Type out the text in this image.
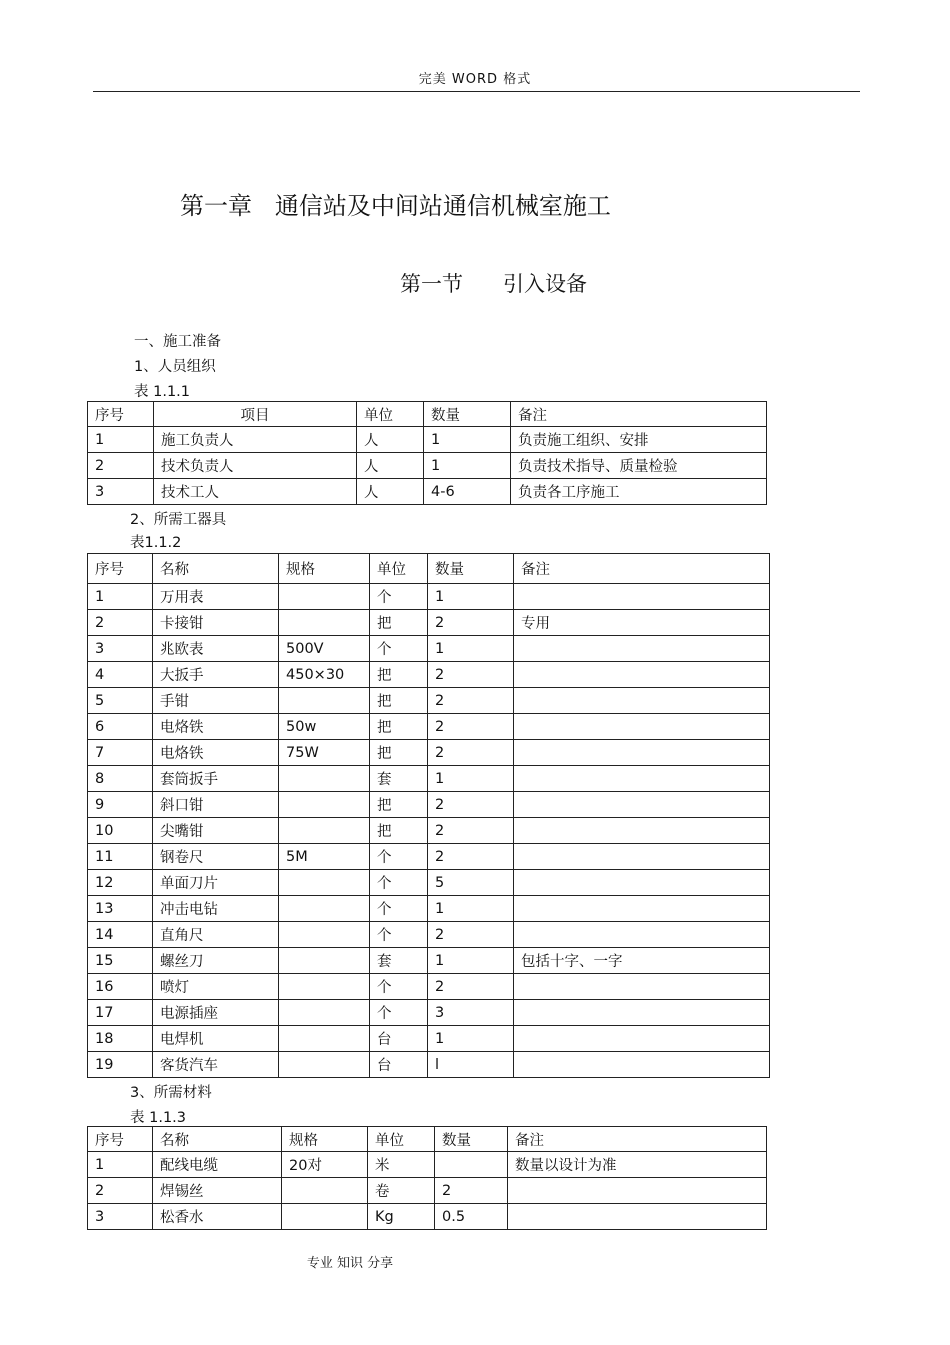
完美 WORD 格式
第一章   通信站及中间站通信机械室施工
第一节      引入设备
一、施工准备
1、人员组织
表 1.1.1
序号	项目	单位	数量	备注
1	施工负责人	人	1	负责施工组织、安排
2	技术负责人	人	1	负责技术指导、质量检验
3	技术工人	人	4-6	负责各工序施工
2、所需工器具
表1.1.2
序号	名称	规格	单位	数量	备注
1	万用表		个	1	
2	卡接钳		把	2	专用
3	兆欧表	500V	个	1	
4	大扳手	450×30	把	2	
5	手钳		把	2	
6	电烙铁	50w	把	2	
7	电烙铁	75W	把	2	
8	套筒扳手		套	1	
9	斜口钳		把	2	
10	尖嘴钳		把	2	
11	钢卷尺	5M	个	2	
12	单面刀片		个	5	
13	冲击电钻		个	1	
14	直角尺		个	2	
15	螺丝刀		套	1	包括十字、一字
16	喷灯		个	2	
17	电源插座		个	3	
18	电焊机		台	1	
19	客货汽车		台	l	
3、所需材料
表 1.1.3
序号	名称	规格	单位	数量	备注
1	配线电缆	20对	米		数量以设计为准
2	焊锡丝		卷	2	
3	松香水		Kg	0.5	
专业 知识 分享
